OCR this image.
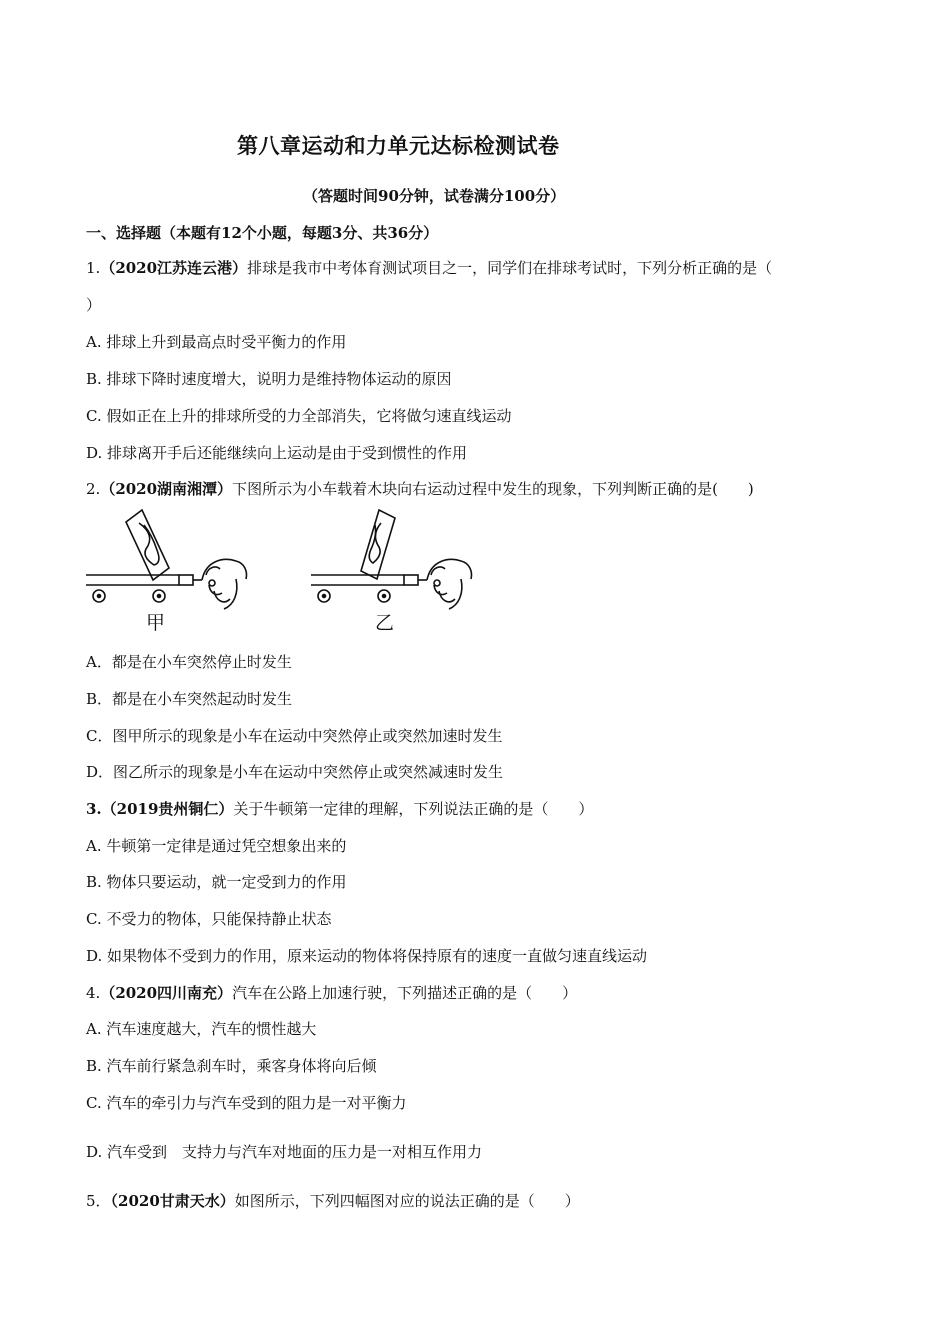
第八章运动和力单元达标检测试卷
（答题时间90分钟，试卷满分100分）
一、选择题（本题有12个小题，每题3分、共36分）
1.（2020江苏连云港）排球是我市中考体育测试项目之一，同学们在排球考试时，下列分析正确的是（
）
A. 排球上升到最高点时受平衡力的作用
B. 排球下降时速度增大，说明力是维持物体运动的原因
C. 假如正在上升的排球所受的力全部消失，它将做匀速直线运动
D. 排球离开手后还能继续向上运动是由于受到惯性的作用
2.（2020湖南湘潭）下图所示为小车载着木块向右运动过程中发生的现象，下列判断正确的是(　　)
甲	乙
A．都是在小车突然停止时发生
B．都是在小车突然起动时发生
C．图甲所示的现象是小车在运动中突然停止或突然加速时发生
D．图乙所示的现象是小车在运动中突然停止或突然减速时发生
3.（2019贵州铜仁）关于牛顿第一定律的理解，下列说法正确的是（　　）
A. 牛顿第一定律是通过凭空想象出来的
B. 物体只要运动，就一定受到力的作用
C. 不受力的物体，只能保持静止状态
D. 如果物体不受到力的作用，原来运动的物体将保持原有的速度一直做匀速直线运动
4.（2020四川南充）汽车在公路上加速行驶，下列描述正确的是（　　）
A. 汽车速度越大，汽车的惯性越大
B. 汽车前行紧急刹车时，乘客身体将向后倾
C. 汽车的牵引力与汽车受到的阻力是一对平衡力
D. 汽车受到　支持力与汽车对地面的压力是一对相互作用力
5．（2020甘肃天水）如图所示，下列四幅图对应的说法正确的是（　　）
